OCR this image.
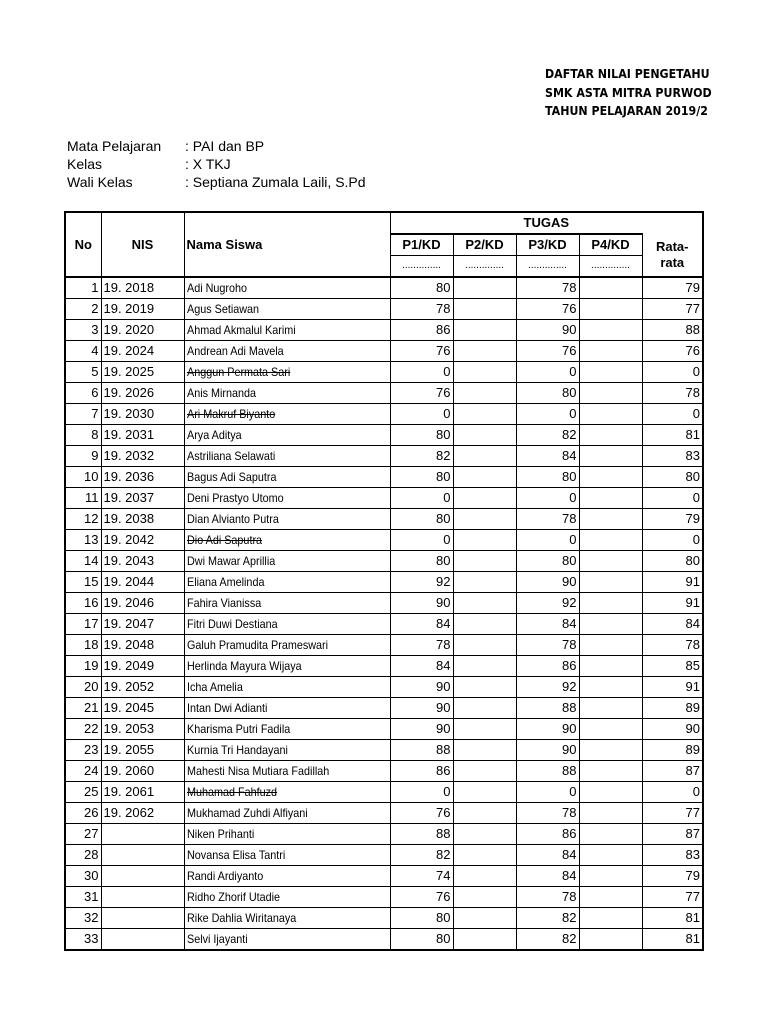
DAFTAR NILAI PENGETAHU
SMK ASTA MITRA PURWOD
TAHUN PELAJARAN 2019/2
Mata Pelajaran : PAI dan BP
Kelas	: X TKJ
Wali Kelas	: Septiana Zumala Laili, S.Pd
No	NIS	Nama Siswa	TUGAS				
			P1/KD	P2/KD	P3/KD	P4/KD	Rata-
rata

			..............	..............	..............	..............	
1	19. 2018	Adi Nugroho	80		78		79
2	19. 2019	Agus Setiawan	78		76		77
3	19. 2020	Ahmad Akmalul Karimi	86		90		88
4	19. 2024	Andrean Adi Mavela	76		76		76
5	19. 2025	Anggun Permata Sari	0		0		0
6	19. 2026	Anis Mirnanda	76		80		78
7	19. 2030	Ari Makruf Biyanto	0		0		0
8	19. 2031	Arya Aditya	80		82		81
9	19. 2032	Astriliana Selawati	82		84		83
10	19. 2036	Bagus Adi Saputra	80		80		80
11	19. 2037	Deni Prastyo Utomo	0		0		0
12	19. 2038	Dian Alvianto Putra	80		78		79
13	19. 2042	Dio Adi Saputra	0		0		0
14	19. 2043	Dwi Mawar Aprillia	80		80		80
15	19. 2044	Eliana Amelinda	92		90		91
16	19. 2046	Fahira Vianissa	90		92		91
17	19. 2047	Fitri Duwi Destiana	84		84		84
18	19. 2048	Galuh Pramudita Prameswari	78		78		78
19	19. 2049	Herlinda Mayura Wijaya	84		86		85
20	19. 2052	Icha Amelia	90		92		91
21	19. 2045	Intan Dwi Adianti	90		88		89
22	19. 2053	Kharisma Putri Fadila	90		90		90
23	19. 2055	Kurnia Tri Handayani	88		90		89
24	19. 2060	Mahesti Nisa Mutiara Fadillah	86		88		87
25	19. 2061	Muhamad Fahfuzd	0		0		0
26	19. 2062	Mukhamad Zuhdi Alfiyani	76		78		77
27		Niken Prihanti	88		86		87
28		Novansa Elisa Tantri	82		84		83
30		Randi Ardiyanto	74		84		79
31		Ridho Zhorif Utadie	76		78		77
32		Rike Dahlia Wiritanaya	80		82		81
33		Selvi Ijayanti	80		82		81
